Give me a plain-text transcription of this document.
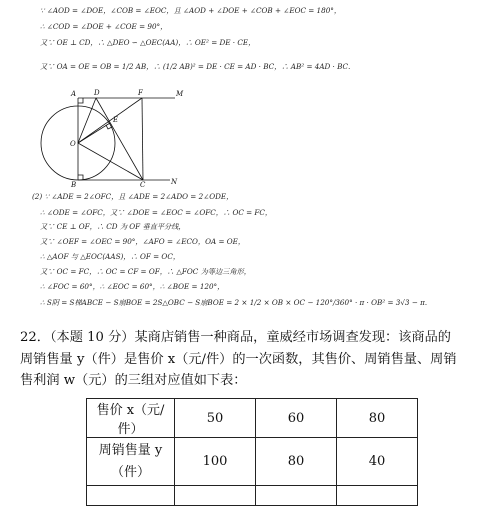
∵ ∠AOD = ∠DOE，∠COB = ∠EOC，且 ∠AOD + ∠DOE + ∠COB + ∠EOC = 180°，
∴ ∠COD = ∠DOE + ∠COE = 90°，
又∵ OE ⊥ CD，∴ △DEO ∽ △OEC(AA)，∴ OE² = DE · CE，
又∵ OA = OE = OB = 1/2 AB，∴ (1/2 AB)² = DE · CE = AD · BC，∴ AB² = 4AD · BC．
A	D	F	M
E
O
B	C	N
(2) ∵ ∠ADE = 2∠OFC，且 ∠ADE = 2∠ADO = 2∠ODE，
∴ ∠ODE = ∠OFC，又∵ ∠DOE = ∠EOC = ∠OFC，∴ OC = FC，
又∵ CE ⊥ OF，∴ CD 为 OF 垂直平分线，
又∵ ∠OEF = ∠OEC = 90°，∠AFO = ∠ECO，OA = OE，
∴ △AOF 与 △EOC(AAS)，∴ OF = OC，
又∵ OC = FC，∴ OC = CF = OF，∴ △FOC 为等边三角形，
∴ ∠FOC = 60°，∴ ∠EOC = 60°，∴ ∠BOE = 120°，
∴ S阴 = S梯ABCE − S扇BOE = 2S△OBC − S扇BOE = 2 × 1/2 × OB × OC − 120°/360° · π · OB² = 3√3 − π．
22．（本题 10 分）某商店销售一种商品，童威经市场调查发现：该商品的
周销售量 y（件）是售价 x（元/件）的一次函数，其售价、周销售量、周销
售利润 w（元）的三组对应值如下表：
售价 x（元/件）	50	60	80
周销售量 y（件）	100	80	40
